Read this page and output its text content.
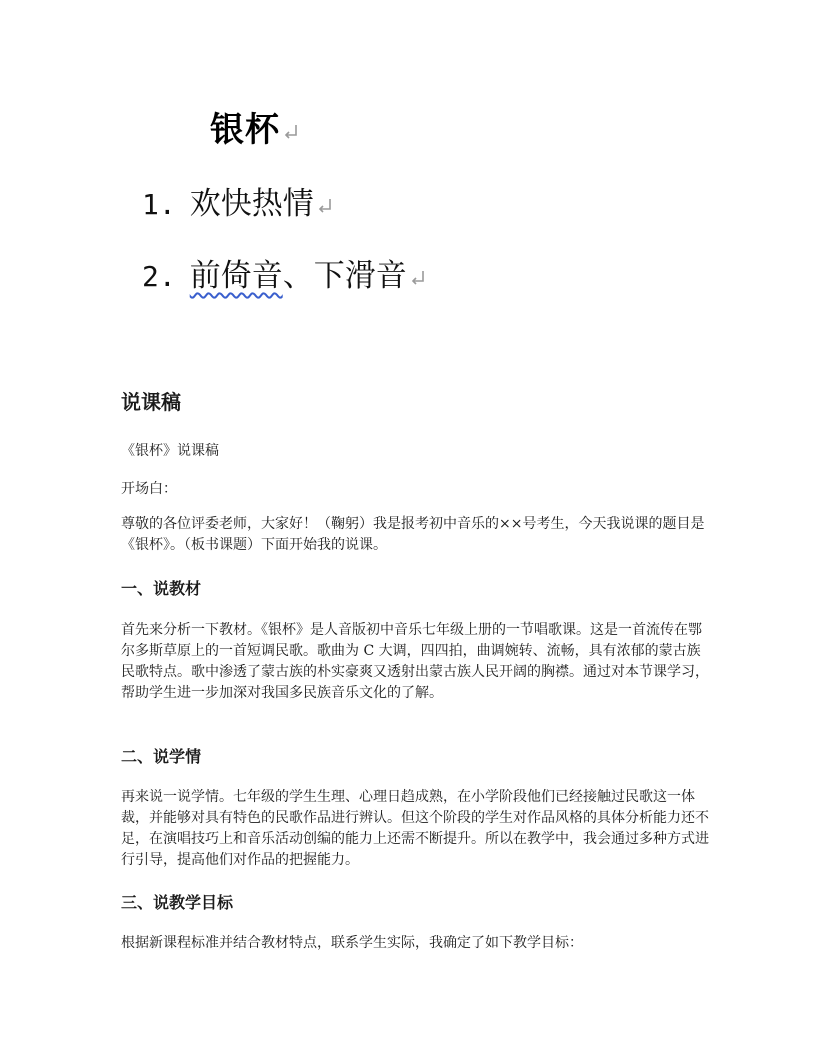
银杯
1. 欢快热情
2. 前倚音、下滑音
说课稿

《银杯》说课稿

开场白：

尊敬的各位评委老师，大家好！（鞠躬）我是报考初中音乐的××号考生，今天我说课的题目是《银杯》。（板书课题）下面开始我的说课。

一、说教材

首先来分析一下教材。《银杯》是人音版初中音乐七年级上册的一节唱歌课。这是一首流传在鄂尔多斯草原上的一首短调民歌。歌曲为 C 大调，四四拍，曲调婉转、流畅，具有浓郁的蒙古族民歌特点。歌中渗透了蒙古族的朴实豪爽又透射出蒙古族人民开阔的胸襟。通过对本节课学习，帮助学生进一步加深对我国多民族音乐文化的了解。

二、说学情

再来说一说学情。七年级的学生生理、心理日趋成熟，在小学阶段他们已经接触过民歌这一体裁，并能够对具有特色的民歌作品进行辨认。但这个阶段的学生对作品风格的具体分析能力还不足，在演唱技巧上和音乐活动创编的能力上还需不断提升。所以在教学中，我会通过多种方式进行引导，提高他们对作品的把握能力。

三、说教学目标

根据新课程标准并结合教材特点，联系学生实际，我确定了如下教学目标：
